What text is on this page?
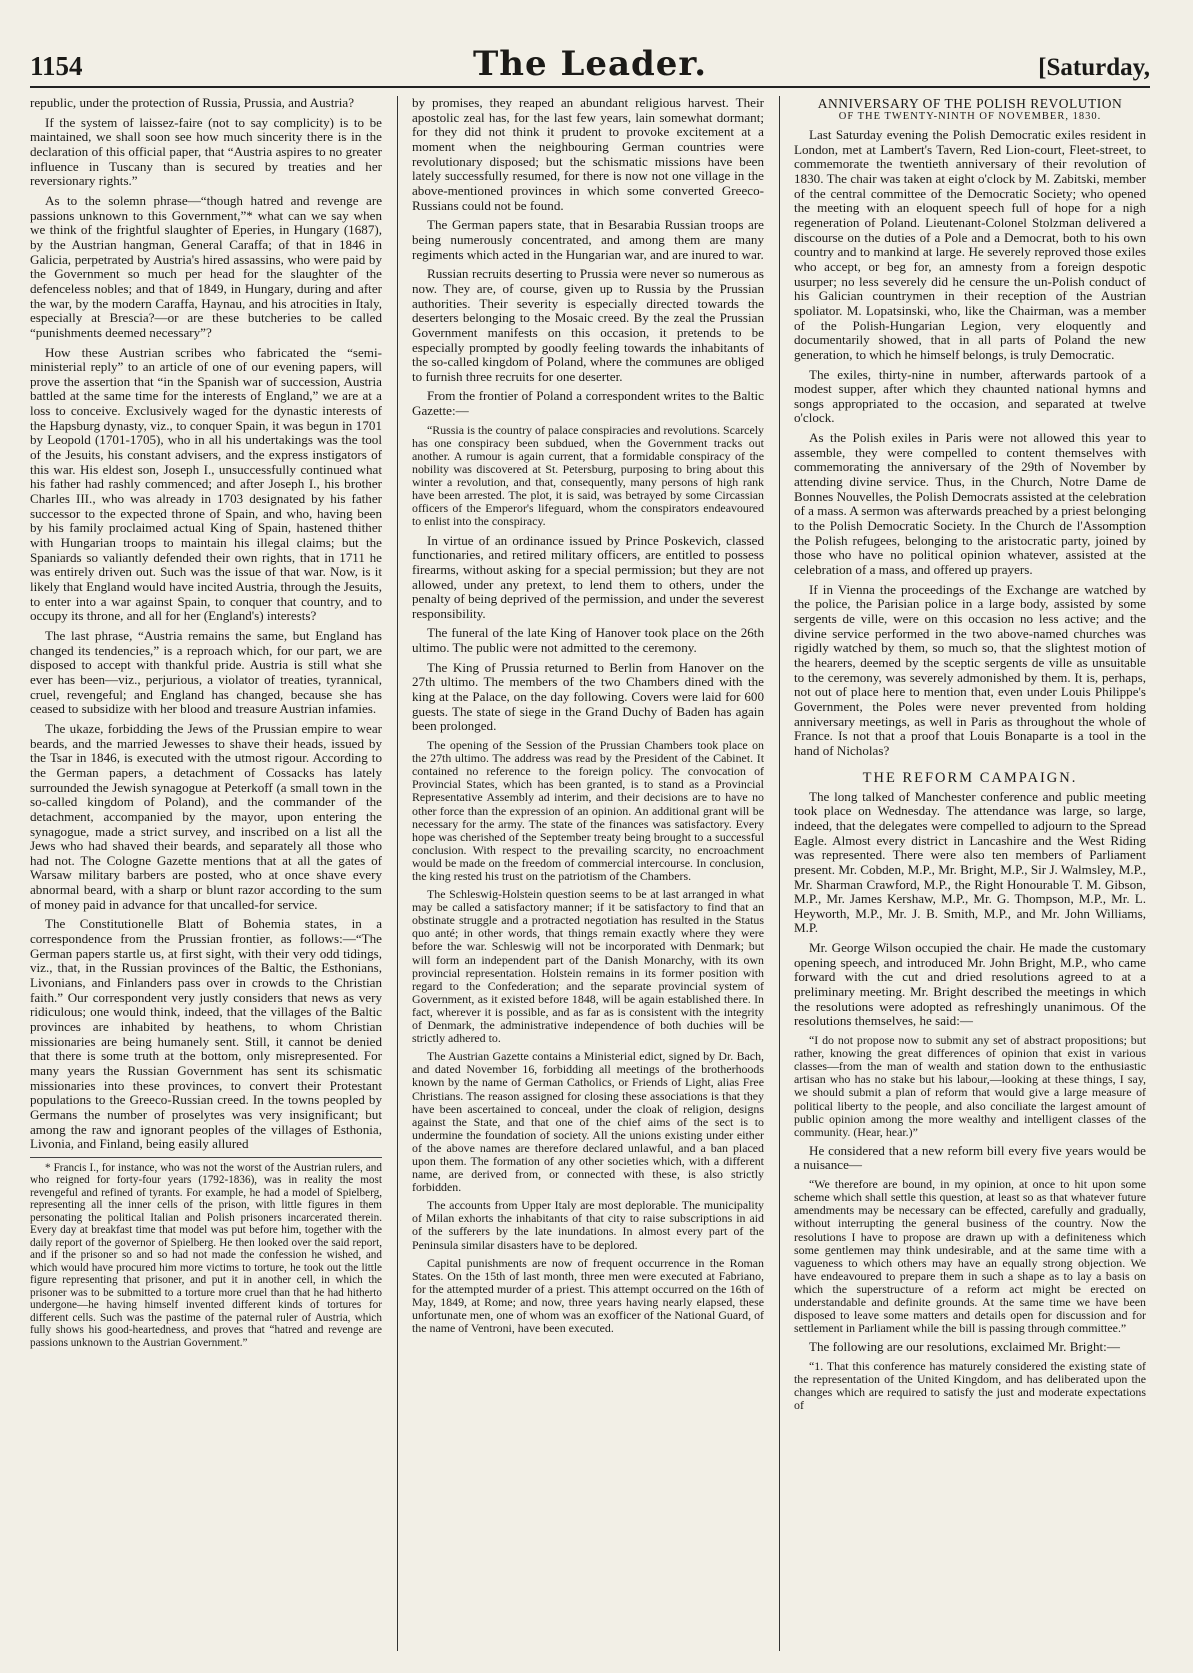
1154	The Leader.	[Saturday,

republic, under the protection of Russia, Prussia, and Austria?

If the system of laissez-faire (not to say complicity) is to be maintained, we shall soon see how much sincerity there is in the declaration of this official paper, that “Austria aspires to no greater influence in Tuscany than is secured by treaties and her reversionary rights.”

As to the solemn phrase—“though hatred and revenge are passions unknown to this Government,”* what can we say when we think of the frightful slaughter of Eperies, in Hungary (1687), by the Austrian hangman, General Caraffa; of that in 1846 in Galicia, perpetrated by Austria's hired assassins, who were paid by the Government so much per head for the slaughter of the defenceless nobles; and that of 1849, in Hungary, during and after the war, by the modern Caraffa, Haynau, and his atrocities in Italy, especially at Brescia?—or are these butcheries to be called “punishments deemed necessary”?

How these Austrian scribes who fabricated the “semi-ministerial reply” to an article of one of our evening papers, will prove the assertion that “in the Spanish war of succession, Austria battled at the same time for the interests of England,” we are at a loss to conceive. Exclusively waged for the dynastic interests of the Hapsburg dynasty, viz., to conquer Spain, it was begun in 1701 by Leopold (1701-1705), who in all his undertakings was the tool of the Jesuits, his constant advisers, and the express instigators of this war. His eldest son, Joseph I., unsuccessfully continued what his father had rashly commenced; and after Joseph I., his brother Charles III., who was already in 1703 designated by his father successor to the expected throne of Spain, and who, having been by his family proclaimed actual King of Spain, hastened thither with Hungarian troops to maintain his illegal claims; but the Spaniards so valiantly defended their own rights, that in 1711 he was entirely driven out. Such was the issue of that war. Now, is it likely that England would have incited Austria, through the Jesuits, to enter into a war against Spain, to conquer that country, and to occupy its throne, and all for her (England's) interests?

The last phrase, “Austria remains the same, but England has changed its tendencies,” is a reproach which, for our part, we are disposed to accept with thankful pride. Austria is still what she ever has been—viz., perjurious, a violator of treaties, tyrannical, cruel, revengeful; and England has changed, because she has ceased to subsidize with her blood and treasure Austrian infamies.

The ukaze, forbidding the Jews of the Prussian empire to wear beards, and the married Jewesses to shave their heads, issued by the Tsar in 1846, is executed with the utmost rigour. According to the German papers, a detachment of Cossacks has lately surrounded the Jewish synagogue at Peterkoff (a small town in the so-called kingdom of Poland), and the commander of the detachment, accompanied by the mayor, upon entering the synagogue, made a strict survey, and inscribed on a list all the Jews who had shaved their beards, and separately all those who had not. The Cologne Gazette mentions that at all the gates of Warsaw military barbers are posted, who at once shave every abnormal beard, with a sharp or blunt razor according to the sum of money paid in advance for that uncalled-for service.

The Constitutionelle Blatt of Bohemia states, in a correspondence from the Prussian frontier, as follows:—“The German papers startle us, at first sight, with their very odd tidings, viz., that, in the Russian provinces of the Baltic, the Esthonians, Livonians, and Finlanders pass over in crowds to the Christian faith.” Our correspondent very justly considers that news as very ridiculous; one would think, indeed, that the villages of the Baltic provinces are inhabited by heathens, to whom Christian missionaries are being humanely sent. Still, it cannot be denied that there is some truth at the bottom, only misrepresented. For many years the Russian Government has sent its schismatic missionaries into these provinces, to convert their Protestant populations to the Greeco-Russian creed. In the towns peopled by Germans the number of proselytes was very insignificant; but among the raw and ignorant peoples of the villages of Esthonia, Livonia, and Finland, being easily allured

* Francis I., for instance, who was not the worst of the Austrian rulers, and who reigned for forty-four years (1792-1836), was in reality the most revengeful and refined of tyrants. For example, he had a model of Spielberg, representing all the inner cells of the prison, with little figures in them personating the political Italian and Polish prisoners incarcerated therein. Every day at breakfast time that model was put before him, together with the daily report of the governor of Spielberg. He then looked over the said report, and if the prisoner so and so had not made the confession he wished, and which would have procured him more victims to torture, he took out the little figure representing that prisoner, and put it in another cell, in which the prisoner was to be submitted to a torture more cruel than that he had hitherto undergone—he having himself invented different kinds of tortures for different cells. Such was the pastime of the paternal ruler of Austria, which fully shows his good-heartedness, and proves that “hatred and revenge are passions unknown to the Austrian Government.”

by promises, they reaped an abundant religious harvest. Their apostolic zeal has, for the last few years, lain somewhat dormant; for they did not think it prudent to provoke excitement at a moment when the neighbouring German countries were revolutionary disposed; but the schismatic missions have been lately successfully resumed, for there is now not one village in the above-mentioned provinces in which some converted Greeco-Russians could not be found.

The German papers state, that in Besarabia Russian troops are being numerously concentrated, and among them are many regiments which acted in the Hungarian war, and are inured to war.

Russian recruits deserting to Prussia were never so numerous as now. They are, of course, given up to Russia by the Prussian authorities. Their severity is especially directed towards the deserters belonging to the Mosaic creed. By the zeal the Prussian Government manifests on this occasion, it pretends to be especially prompted by goodly feeling towards the inhabitants of the so-called kingdom of Poland, where the communes are obliged to furnish three recruits for one deserter.

From the frontier of Poland a correspondent writes to the Baltic Gazette:—

“Russia is the country of palace conspiracies and revolutions. Scarcely has one conspiracy been subdued, when the Government tracks out another. A rumour is again current, that a formidable conspiracy of the nobility was discovered at St. Petersburg, purposing to bring about this winter a revolution, and that, consequently, many persons of high rank have been arrested. The plot, it is said, was betrayed by some Circassian officers of the Emperor's lifeguard, whom the conspirators endeavoured to enlist into the conspiracy.

In virtue of an ordinance issued by Prince Poskevich, classed functionaries, and retired military officers, are entitled to possess firearms, without asking for a special permission; but they are not allowed, under any pretext, to lend them to others, under the penalty of being deprived of the permission, and under the severest responsibility.

The funeral of the late King of Hanover took place on the 26th ultimo. The public were not admitted to the ceremony.

The King of Prussia returned to Berlin from Hanover on the 27th ultimo. The members of the two Chambers dined with the king at the Palace, on the day following. Covers were laid for 600 guests. The state of siege in the Grand Duchy of Baden has again been prolonged.

The opening of the Session of the Prussian Chambers took place on the 27th ultimo. The address was read by the President of the Cabinet. It contained no reference to the foreign policy. The convocation of Provincial States, which has been granted, is to stand as a Provincial Representative Assembly ad interim, and their decisions are to have no other force than the expression of an opinion. An additional grant will be necessary for the army. The state of the finances was satisfactory. Every hope was cherished of the September treaty being brought to a successful conclusion. With respect to the prevailing scarcity, no encroachment would be made on the freedom of commercial intercourse. In conclusion, the king rested his trust on the patriotism of the Chambers.

The Schleswig-Holstein question seems to be at last arranged in what may be called a satisfactory manner; if it be satisfactory to find that an obstinate struggle and a protracted negotiation has resulted in the Status quo anté; in other words, that things remain exactly where they were before the war. Schleswig will not be incorporated with Denmark; but will form an independent part of the Danish Monarchy, with its own provincial representation. Holstein remains in its former position with regard to the Confederation; and the separate provincial system of Government, as it existed before 1848, will be again established there. In fact, wherever it is possible, and as far as is consistent with the integrity of Denmark, the administrative independence of both duchies will be strictly adhered to.

The Austrian Gazette contains a Ministerial edict, signed by Dr. Bach, and dated November 16, forbidding all meetings of the brotherhoods known by the name of German Catholics, or Friends of Light, alias Free Christians. The reason assigned for closing these associations is that they have been ascertained to conceal, under the cloak of religion, designs against the State, and that one of the chief aims of the sect is to undermine the foundation of society. All the unions existing under either of the above names are therefore declared unlawful, and a ban placed upon them. The formation of any other societies which, with a different name, are derived from, or connected with these, is also strictly forbidden.

The accounts from Upper Italy are most deplorable. The municipality of Milan exhorts the inhabitants of that city to raise subscriptions in aid of the sufferers by the late inundations. In almost every part of the Peninsula similar disasters have to be deplored.

Capital punishments are now of frequent occurrence in the Roman States. On the 15th of last month, three men were executed at Fabriano, for the attempted murder of a priest. This attempt occurred on the 16th of May, 1849, at Rome; and now, three years having nearly elapsed, these unfortunate men, one of whom was an exofficer of the National Guard, of the name of Ventroni, have been executed.

ANNIVERSARY OF THE POLISH REVOLUTION
OF THE TWENTY-NINTH OF NOVEMBER, 1830.

Last Saturday evening the Polish Democratic exiles resident in London, met at Lambert's Tavern, Red Lion-court, Fleet-street, to commemorate the twentieth anniversary of their revolution of 1830. The chair was taken at eight o'clock by M. Zabitski, member of the central committee of the Democratic Society; who opened the meeting with an eloquent speech full of hope for a nigh regeneration of Poland. Lieutenant-Colonel Stolzman delivered a discourse on the duties of a Pole and a Democrat, both to his own country and to mankind at large. He severely reproved those exiles who accept, or beg for, an amnesty from a foreign despotic usurper; no less severely did he censure the un-Polish conduct of his Galician countrymen in their reception of the Austrian spoliator. M. Lopatsinski, who, like the Chairman, was a member of the Polish-Hungarian Legion, very eloquently and documentarily showed, that in all parts of Poland the new generation, to which he himself belongs, is truly Democratic.

The exiles, thirty-nine in number, afterwards partook of a modest supper, after which they chaunted national hymns and songs appropriated to the occasion, and separated at twelve o'clock.

As the Polish exiles in Paris were not allowed this year to assemble, they were compelled to content themselves with commemorating the anniversary of the 29th of November by attending divine service. Thus, in the Church, Notre Dame de Bonnes Nouvelles, the Polish Democrats assisted at the celebration of a mass. A sermon was afterwards preached by a priest belonging to the Polish Democratic Society. In the Church de l'Assomption the Polish refugees, belonging to the aristocratic party, joined by those who have no political opinion whatever, assisted at the celebration of a mass, and offered up prayers.

If in Vienna the proceedings of the Exchange are watched by the police, the Parisian police in a large body, assisted by some sergents de ville, were on this occasion no less active; and the divine service performed in the two above-named churches was rigidly watched by them, so much so, that the slightest motion of the hearers, deemed by the sceptic sergents de ville as unsuitable to the ceremony, was severely admonished by them. It is, perhaps, not out of place here to mention that, even under Louis Philippe's Government, the Poles were never prevented from holding anniversary meetings, as well in Paris as throughout the whole of France. Is not that a proof that Louis Bonaparte is a tool in the hand of Nicholas?

THE REFORM CAMPAIGN.

The long talked of Manchester conference and public meeting took place on Wednesday. The attendance was large, so large, indeed, that the delegates were compelled to adjourn to the Spread Eagle. Almost every district in Lancashire and the West Riding was represented. There were also ten members of Parliament present. Mr. Cobden, M.P., Mr. Bright, M.P., Sir J. Walmsley, M.P., Mr. Sharman Crawford, M.P., the Right Honourable T. M. Gibson, M.P., Mr. James Kershaw, M.P., Mr. G. Thompson, M.P., Mr. L. Heyworth, M.P., Mr. J. B. Smith, M.P., and Mr. John Williams, M.P.

Mr. George Wilson occupied the chair. He made the customary opening speech, and introduced Mr. John Bright, M.P., who came forward with the cut and dried resolutions agreed to at a preliminary meeting. Mr. Bright described the meetings in which the resolutions were adopted as refreshingly unanimous. Of the resolutions themselves, he said:—

“I do not propose now to submit any set of abstract propositions; but rather, knowing the great differences of opinion that exist in various classes—from the man of wealth and station down to the enthusiastic artisan who has no stake but his labour,—looking at these things, I say, we should submit a plan of reform that would give a large measure of political liberty to the people, and also conciliate the largest amount of public opinion among the more wealthy and intelligent classes of the community. (Hear, hear.)”

He considered that a new reform bill every five years would be a nuisance—

“We therefore are bound, in my opinion, at once to hit upon some scheme which shall settle this question, at least so as that whatever future amendments may be necessary can be effected, carefully and gradually, without interrupting the general business of the country. Now the resolutions I have to propose are drawn up with a definiteness which some gentlemen may think undesirable, and at the same time with a vagueness to which others may have an equally strong objection. We have endeavoured to prepare them in such a shape as to lay a basis on which the superstructure of a reform act might be erected on understandable and definite grounds. At the same time we have been disposed to leave some matters and details open for discussion and for settlement in Parliament while the bill is passing through committee.”

The following are our resolutions, exclaimed Mr. Bright:—

“1. That this conference has maturely considered the existing state of the representation of the United Kingdom, and has deliberated upon the changes which are required to satisfy the just and moderate expectations of
